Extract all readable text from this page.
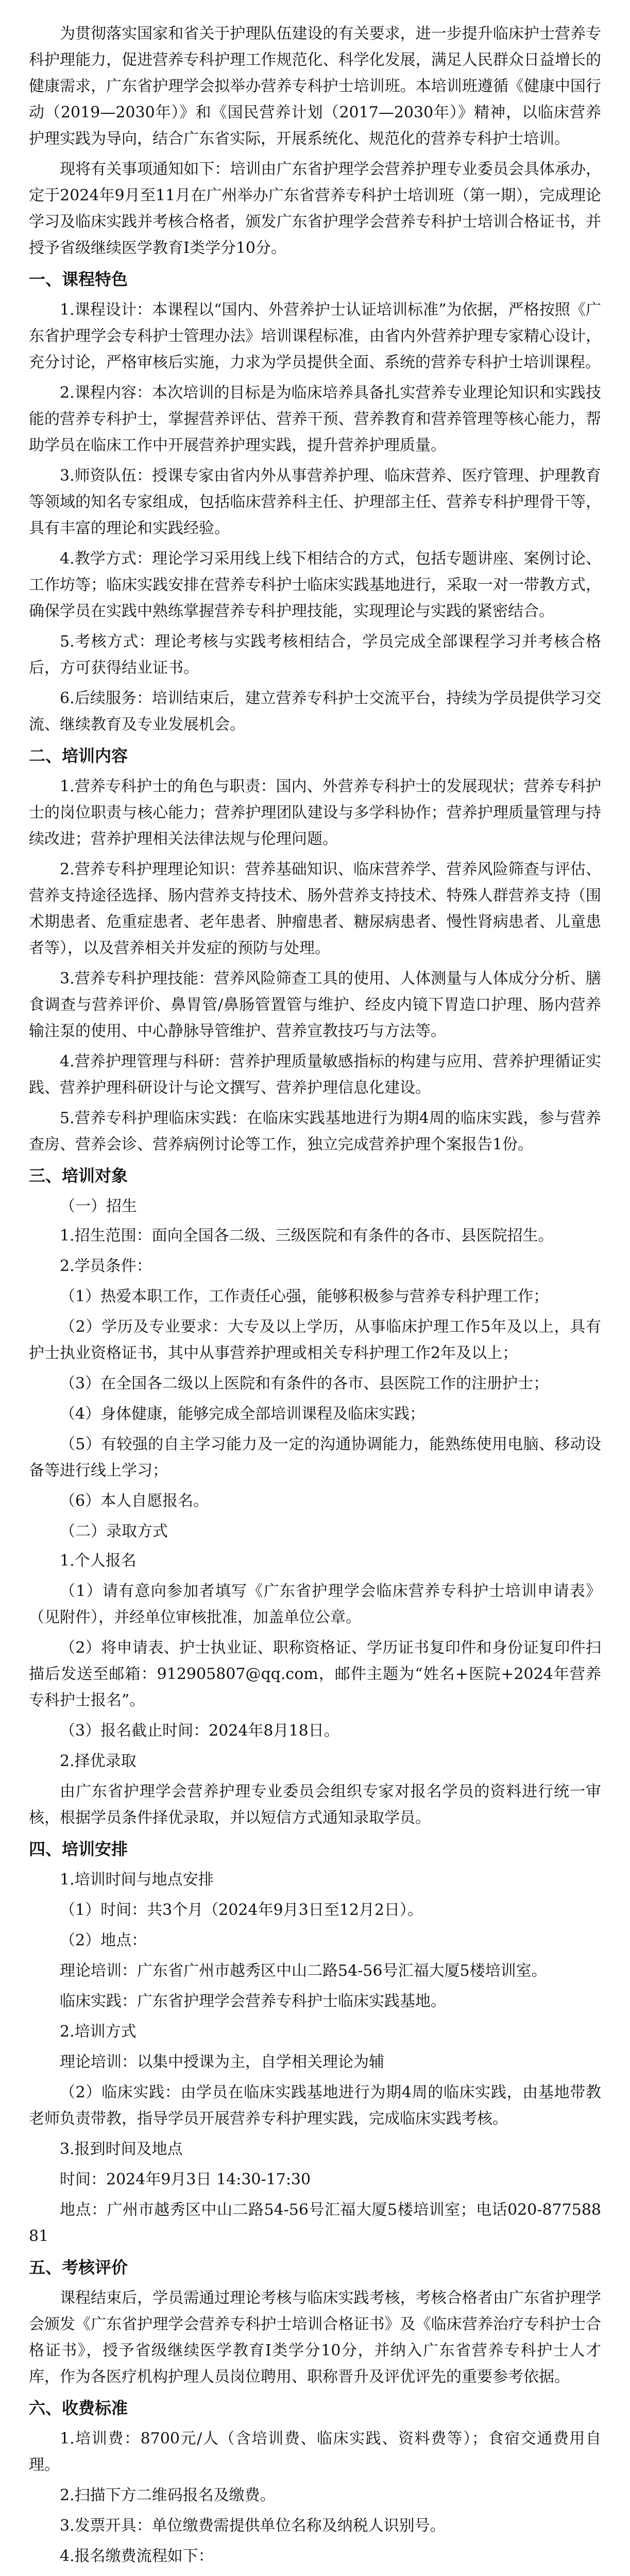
为贯彻落实国家和省关于护理队伍建设的有关要求，进一步提升临床护士营养专科护理能力，促进营养专科护理工作规范化、科学化发展，满足人民群众日益增长的健康需求，广东省护理学会拟举办营养专科护士培训班。本培训班遵循《健康中国行动（2019—2030年）》和《国民营养计划（2017—2030年）》精神，以临床营养护理实践为导向，结合广东省实际，开展系统化、规范化的营养专科护士培训。

现将有关事项通知如下：培训由广东省护理学会营养护理专业委员会具体承办，定于2024年9月至11月在广州举办广东省营养专科护士培训班（第一期），完成理论学习及临床实践并考核合格者，颁发广东省护理学会营养专科护士培训合格证书，并授予省级继续医学教育Ⅰ类学分10分。

一、课程特色

1.课程设计：本课程以“国内、外营养护士认证培训标准”为依据，严格按照《广东省护理学会专科护士管理办法》培训课程标准，由省内外营养护理专家精心设计，充分讨论，严格审核后实施，力求为学员提供全面、系统的营养专科护士培训课程。

2.课程内容：本次培训的目标是为临床培养具备扎实营养专业理论知识和实践技能的营养专科护士，掌握营养评估、营养干预、营养教育和营养管理等核心能力，帮助学员在临床工作中开展营养护理实践，提升营养护理质量。

3.师资队伍：授课专家由省内外从事营养护理、临床营养、医疗管理、护理教育等领域的知名专家组成，包括临床营养科主任、护理部主任、营养专科护理骨干等，具有丰富的理论和实践经验。

4.教学方式：理论学习采用线上线下相结合的方式，包括专题讲座、案例讨论、工作坊等；临床实践安排在营养专科护士临床实践基地进行，采取一对一带教方式，确保学员在实践中熟练掌握营养专科护理技能，实现理论与实践的紧密结合。

5.考核方式：理论考核与实践考核相结合，学员完成全部课程学习并考核合格后，方可获得结业证书。

6.后续服务：培训结束后，建立营养专科护士交流平台，持续为学员提供学习交流、继续教育及专业发展机会。

二、培训内容

1.营养专科护士的角色与职责：国内、外营养专科护士的发展现状；营养专科护士的岗位职责与核心能力；营养护理团队建设与多学科协作；营养护理质量管理与持续改进；营养护理相关法律法规与伦理问题。

2.营养专科护理理论知识：营养基础知识、临床营养学、营养风险筛查与评估、营养支持途径选择、肠内营养支持技术、肠外营养支持技术、特殊人群营养支持（围术期患者、危重症患者、老年患者、肿瘤患者、糖尿病患者、慢性肾病患者、儿童患者等），以及营养相关并发症的预防与处理。

3.营养专科护理技能：营养风险筛查工具的使用、人体测量与人体成分分析、膳食调查与营养评价、鼻胃管/鼻肠管置管与维护、经皮内镜下胃造口护理、肠内营养输注泵的使用、中心静脉导管维护、营养宣教技巧与方法等。

4.营养护理管理与科研：营养护理质量敏感指标的构建与应用、营养护理循证实践、营养护理科研设计与论文撰写、营养护理信息化建设。

5.营养专科护理临床实践：在临床实践基地进行为期4周的临床实践，参与营养查房、营养会诊、营养病例讨论等工作，独立完成营养护理个案报告1份。

三、培训对象
（一）招生

1.招生范围：面向全国各二级、三级医院和有条件的各市、县医院招生。

2.学员条件：

（1）热爱本职工作，工作责任心强，能够积极参与营养专科护理工作；

（2）学历及专业要求：大专及以上学历，从事临床护理工作5年及以上，具有护士执业资格证书，其中从事营养护理或相关专科护理工作2年及以上；

（3）在全国各二级以上医院和有条件的各市、县医院工作的注册护士；

（4）身体健康，能够完成全部培训课程及临床实践；

（5）有较强的自主学习能力及一定的沟通协调能力，能熟练使用电脑、移动设备等进行线上学习；

（6）本人自愿报名。

（二）录取方式

1.个人报名

（1）请有意向参加者填写《广东省护理学会临床营养专科护士培训申请表》（见附件），并经单位审核批准，加盖单位公章。

（2）将申请表、护士执业证、职称资格证、学历证书复印件和身份证复印件扫描后发送至邮箱：912905807@qq.com，邮件主题为“姓名+医院+2024年营养专科护士报名”。

（3）报名截止时间：2024年8月18日。

2.择优录取

由广东省护理学会营养护理专业委员会组织专家对报名学员的资料进行统一审核，根据学员条件择优录取，并以短信方式通知录取学员。

四、培训安排

1.培训时间与地点安排

（1）时间：共3个月（2024年9月3日至12月2日）。

（2）地点：

理论培训：广东省广州市越秀区中山二路54-56号汇福大厦5楼培训室。

临床实践：广东省护理学会营养专科护士临床实践基地。

2.培训方式

理论培训：以集中授课为主，自学相关理论为辅

（2）临床实践：由学员在临床实践基地进行为期4周的临床实践，由基地带教老师负责带教，指导学员开展营养专科护理实践，完成临床实践考核。

3.报到时间及地点

时间：2024年9月3日 14:30-17:30

地点：广州市越秀区中山二路54-56号汇福大厦5楼培训室；电话020-87758881

五、考核评价

课程结束后，学员需通过理论考核与临床实践考核，考核合格者由广东省护理学会颁发《广东省护理学会营养专科护士培训合格证书》及《临床营养治疗专科护士合格证书》，授予省级继续医学教育Ⅰ类学分10分，并纳入广东省营养专科护士人才库，作为各医疗机构护理人员岗位聘用、职称晋升及评优评先的重要参考依据。

六、收费标准

1.培训费：8700元/人（含培训费、临床实践、资料费等）；食宿交通费用自理。

2.扫描下方二维码报名及缴费。

3.发票开具：单位缴费需提供单位名称及纳税人识别号。

4.报名缴费流程如下：
